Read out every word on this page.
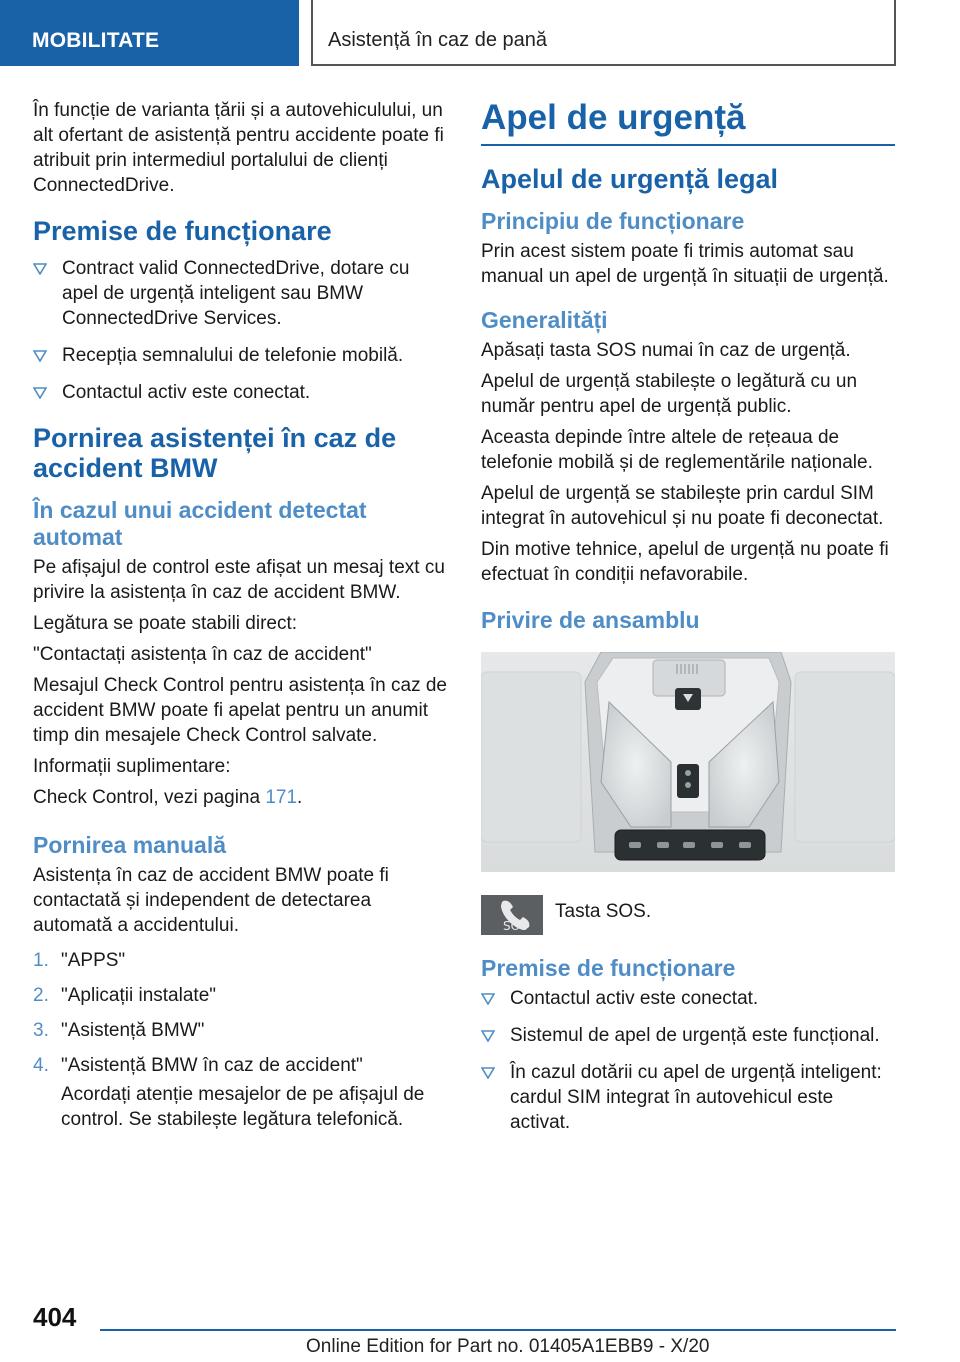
MOBILITATE	Asistență în caz de pană

În funcție de varianta țării și a autovehiculului, un alt ofertant de asistență pentru accidente poate fi atribuit prin intermediul portalului de clienți ConnectedDrive.

Premise de funcționare
Contract valid ConnectedDrive, dotare cu apel de urgență inteligent sau BMW ConnectedDrive Services.
Recepția semnalului de telefonie mobilă.
Contactul activ este conectat.
Pornirea asistenței în caz de accident BMW
În cazul unui accident detectat automat

Pe afișajul de control este afișat un mesaj text cu privire la asistența în caz de accident BMW.

Legătura se poate stabili direct:

"Contactați asistența în caz de accident"

Mesajul Check Control pentru asistența în caz de accident BMW poate fi apelat pentru un anumit timp din mesajele Check Control salvate.

Informații suplimentare:

Check Control, vezi pagina 171.

Pornirea manuală

Asistența în caz de accident BMW poate fi contactată și independent de detectarea automată a accidentului.

1. "APPS"
2. "Aplicații instalate"
3. "Asistență BMW"
4. "Asistență BMW în caz de accident"

Acordați atenție mesajelor de pe afișajul de control. Se stabilește legătura telefonică.

Apel de urgență
Apelul de urgență legal
Principiu de funcționare

Prin acest sistem poate fi trimis automat sau manual un apel de urgență în situații de urgență.

Generalități

Apăsați tasta SOS numai în caz de urgență.

Apelul de urgență stabilește o legătură cu un număr pentru apel de urgență public.

Aceasta depinde între altele de rețeaua de telefonie mobilă și de reglementările naționale.

Apelul de urgență se stabilește prin cardul SIM integrat în autovehicul și nu poate fi deconectat.

Din motive tehnice, apelul de urgență nu poate fi efectuat în condiții nefavorabile.

Privire de ansamblu
SOS

Tasta SOS.

Premise de funcționare
Contactul activ este conectat.
Sistemul de apel de urgență este funcțional.
În cazul dotării cu apel de urgență inteligent: cardul SIM integrat în autovehicul este activat.
404
Online Edition for Part no. 01405A1EBB9 - X/20
